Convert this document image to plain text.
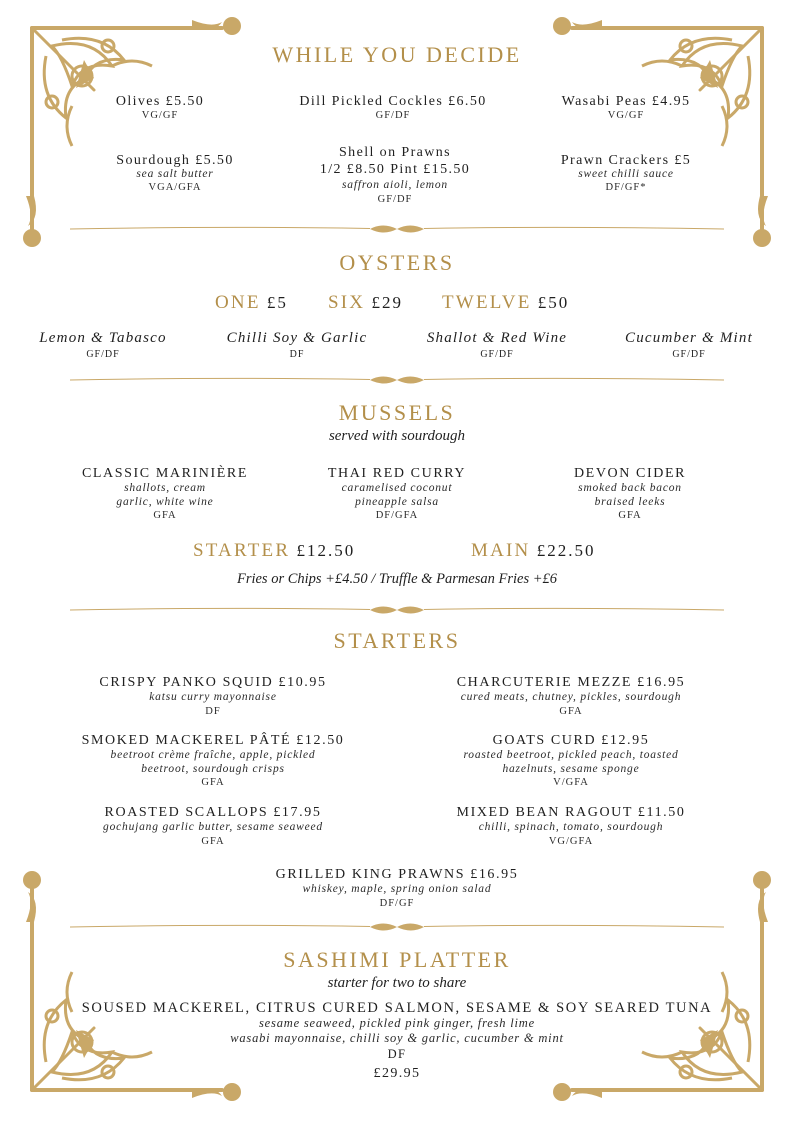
WHILE YOU DECIDE
Olives £5.50
VG/GF
Dill Pickled Cockles £6.50
GF/DF
Wasabi Peas £4.95
VG/GF
Sourdough £5.50
sea salt butter
VGA/GFA
Shell on Prawns
1/2 £8.50 Pint £15.50
saffron aioli, lemon
GF/DF
Prawn Crackers £5
sweet chilli sauce
DF/GF*
OYSTERS
ONE £5 SIX £29 TWELVE £50
Lemon & Tabasco
GF/DF
Chilli Soy & Garlic
DF
Shallot & Red Wine
GF/DF
Cucumber & Mint
GF/DF
MUSSELS
served with sourdough
CLASSIC MARINIÈRE
shallots, cream
garlic, white wine
GFA
THAI RED CURRY
caramelised coconut
pineapple salsa
DF/GFA
DEVON CIDER
smoked back bacon
braised leeks
GFA
STARTER £12.50	MAIN £22.50
Fries or Chips +£4.50 / Truffle & Parmesan Fries +£6
STARTERS
CRISPY PANKO SQUID £10.95
katsu curry mayonnaise
DF
CHARCUTERIE MEZZE £16.95
cured meats, chutney, pickles, sourdough
GFA
SMOKED MACKEREL PÂTÉ £12.50
beetroot crème fraîche, apple, pickled
beetroot, sourdough crisps
GFA
GOATS CURD £12.95
roasted beetroot, pickled peach, toasted
hazelnuts, sesame sponge
V/GFA
ROASTED SCALLOPS £17.95
gochujang garlic butter, sesame seaweed
GFA
MIXED BEAN RAGOUT £11.50
chilli, spinach, tomato, sourdough
VG/GFA
GRILLED KING PRAWNS £16.95
whiskey, maple, spring onion salad
DF/GF
SASHIMI PLATTER
starter for two to share
SOUSED MACKEREL, CITRUS CURED SALMON, SESAME & SOY SEARED TUNA
sesame seaweed, pickled pink ginger, fresh lime
wasabi mayonnaise, chilli soy & garlic, cucumber & mint
DF
£29.95
